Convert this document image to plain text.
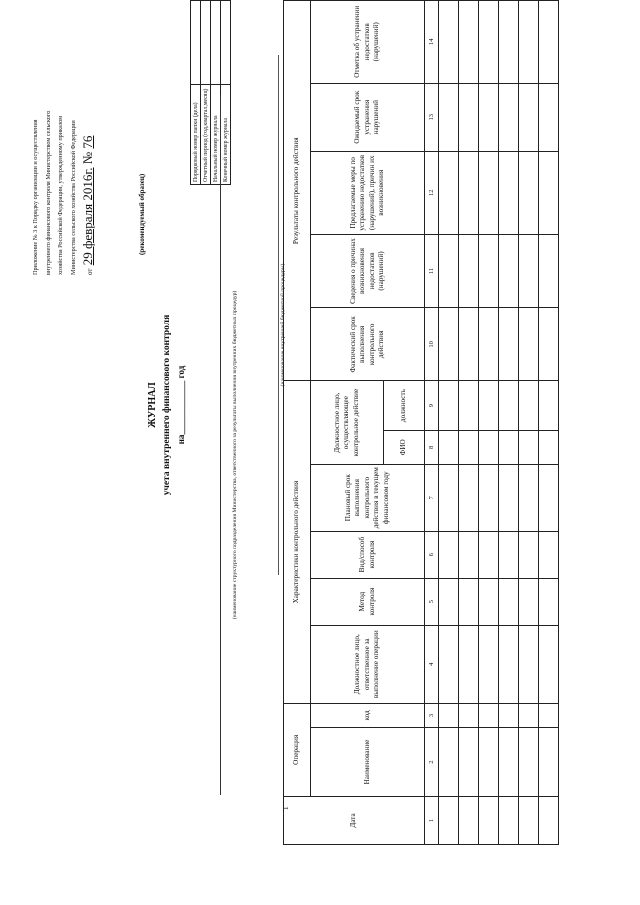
Приложение № 3 к Порядку организации и осуществления внутреннего финансового контроля Министерством сельского хозяйства Российской Федерации, утвержденному приказом Министерства сельского хозяйства Российской Федерации	от 29 февраля 2016г. № 76
(рекомендуемый образец)
ЖУРНАЛ учета внутреннего финансового контроля на____________ год
Порядковый номер папки (дела)	
Отчетный период (год,квартал,месяц)	
Начальный номер журнала	
Конечный номер журнала	
(наименование структурного подразделения Министерства, ответственного за результаты выполнения внутренних бюджетных процедур)	(наименование внутренней бюджетной процедуры)
1
Дата	Операция		Характеристики контрольного действия						Результаты контрольного действия				
	Наименование	код	Должностное лицо, ответственное за выполнение операции	Метод контроля	Вид/способ контроля	Плановый срок выполнения контрольного действия в текущем финансовом году	Должностное лицо, осуществляющее контрольное действие		Фактический срок выполнения контрольного действия	Сведения о причинах возникновения недостатков (нарушений)	Предлагаемые меры по устранению недостатков (нарушений), причин их возникновения	Ожидаемый срок устранения нарушений	Отметка об устранении недостатков (нарушений)
							ФИО	должность					
1	2	3	4	5	6	7	8	9	10	11	12	13	14
